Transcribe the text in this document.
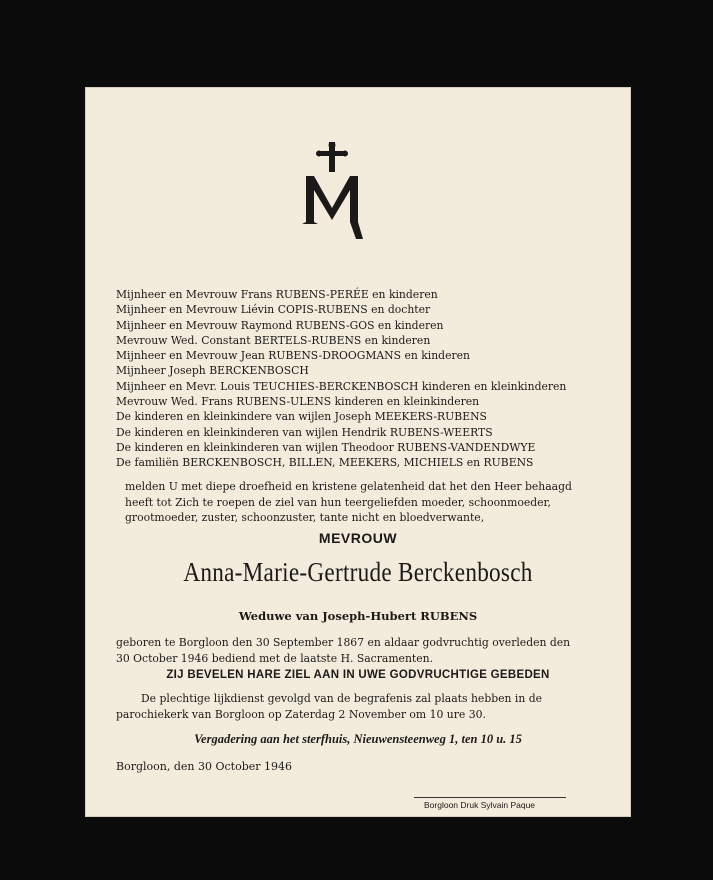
Mijnheer en Mevrouw Frans RUBENS-PERÉE en kinderen
Mijnheer en Mevrouw Liévin COPIS-RUBENS en dochter
Mijnheer en Mevrouw Raymond RUBENS-GOS en kinderen
Mevrouw Wed. Constant BERTELS-RUBENS en kinderen
Mijnheer en Mevrouw Jean RUBENS-DROOGMANS en kinderen
Mijnheer Joseph BERCKENBOSCH
Mijnheer en Mevr. Louis TEUCHIES-BERCKENBOSCH kinderen en kleinkinderen
Mevrouw Wed. Frans RUBENS-ULENS kinderen en kleinkinderen
De kinderen en kleinkindere van wijlen Joseph MEEKERS-RUBENS
De kinderen en kleinkinderen van wijlen Hendrik RUBENS-WEERTS
De kinderen en kleinkinderen van wijlen Theodoor RUBENS-VANDENDWYE
De familiën BERCKENBOSCH, BILLEN, MEEKERS, MICHIELS en RUBENS
melden U met diepe droefheid en kristene gelatenheid dat het den Heer behaagd
heeft tot Zich te roepen de ziel van hun teergeliefden moeder, schoonmoeder,
grootmoeder, zuster, schoonzuster, tante nicht en bloedverwante,
MEVROUW
Anna-Marie-Gertrude Berckenbosch
Weduwe van Joseph-Hubert RUBENS
geboren te Borgloon den 30 September 1867 en aldaar godvruchtig overleden den
30 October 1946 bediend met de laatste H. Sacramenten.
ZIJ BEVELEN HARE ZIEL AAN IN UWE GODVRUCHTIGE GEBEDEN
De plechtige lijkdienst gevolgd van de begrafenis zal plaats hebben in de
parochiekerk van Borgloon op Zaterdag 2 November om 10 ure 30.
Vergadering aan het sterfhuis, Nieuwensteenweg 1, ten 10 u. 15
Borgloon, den 30 October 1946
Borgloon Druk Sylvain Paque
